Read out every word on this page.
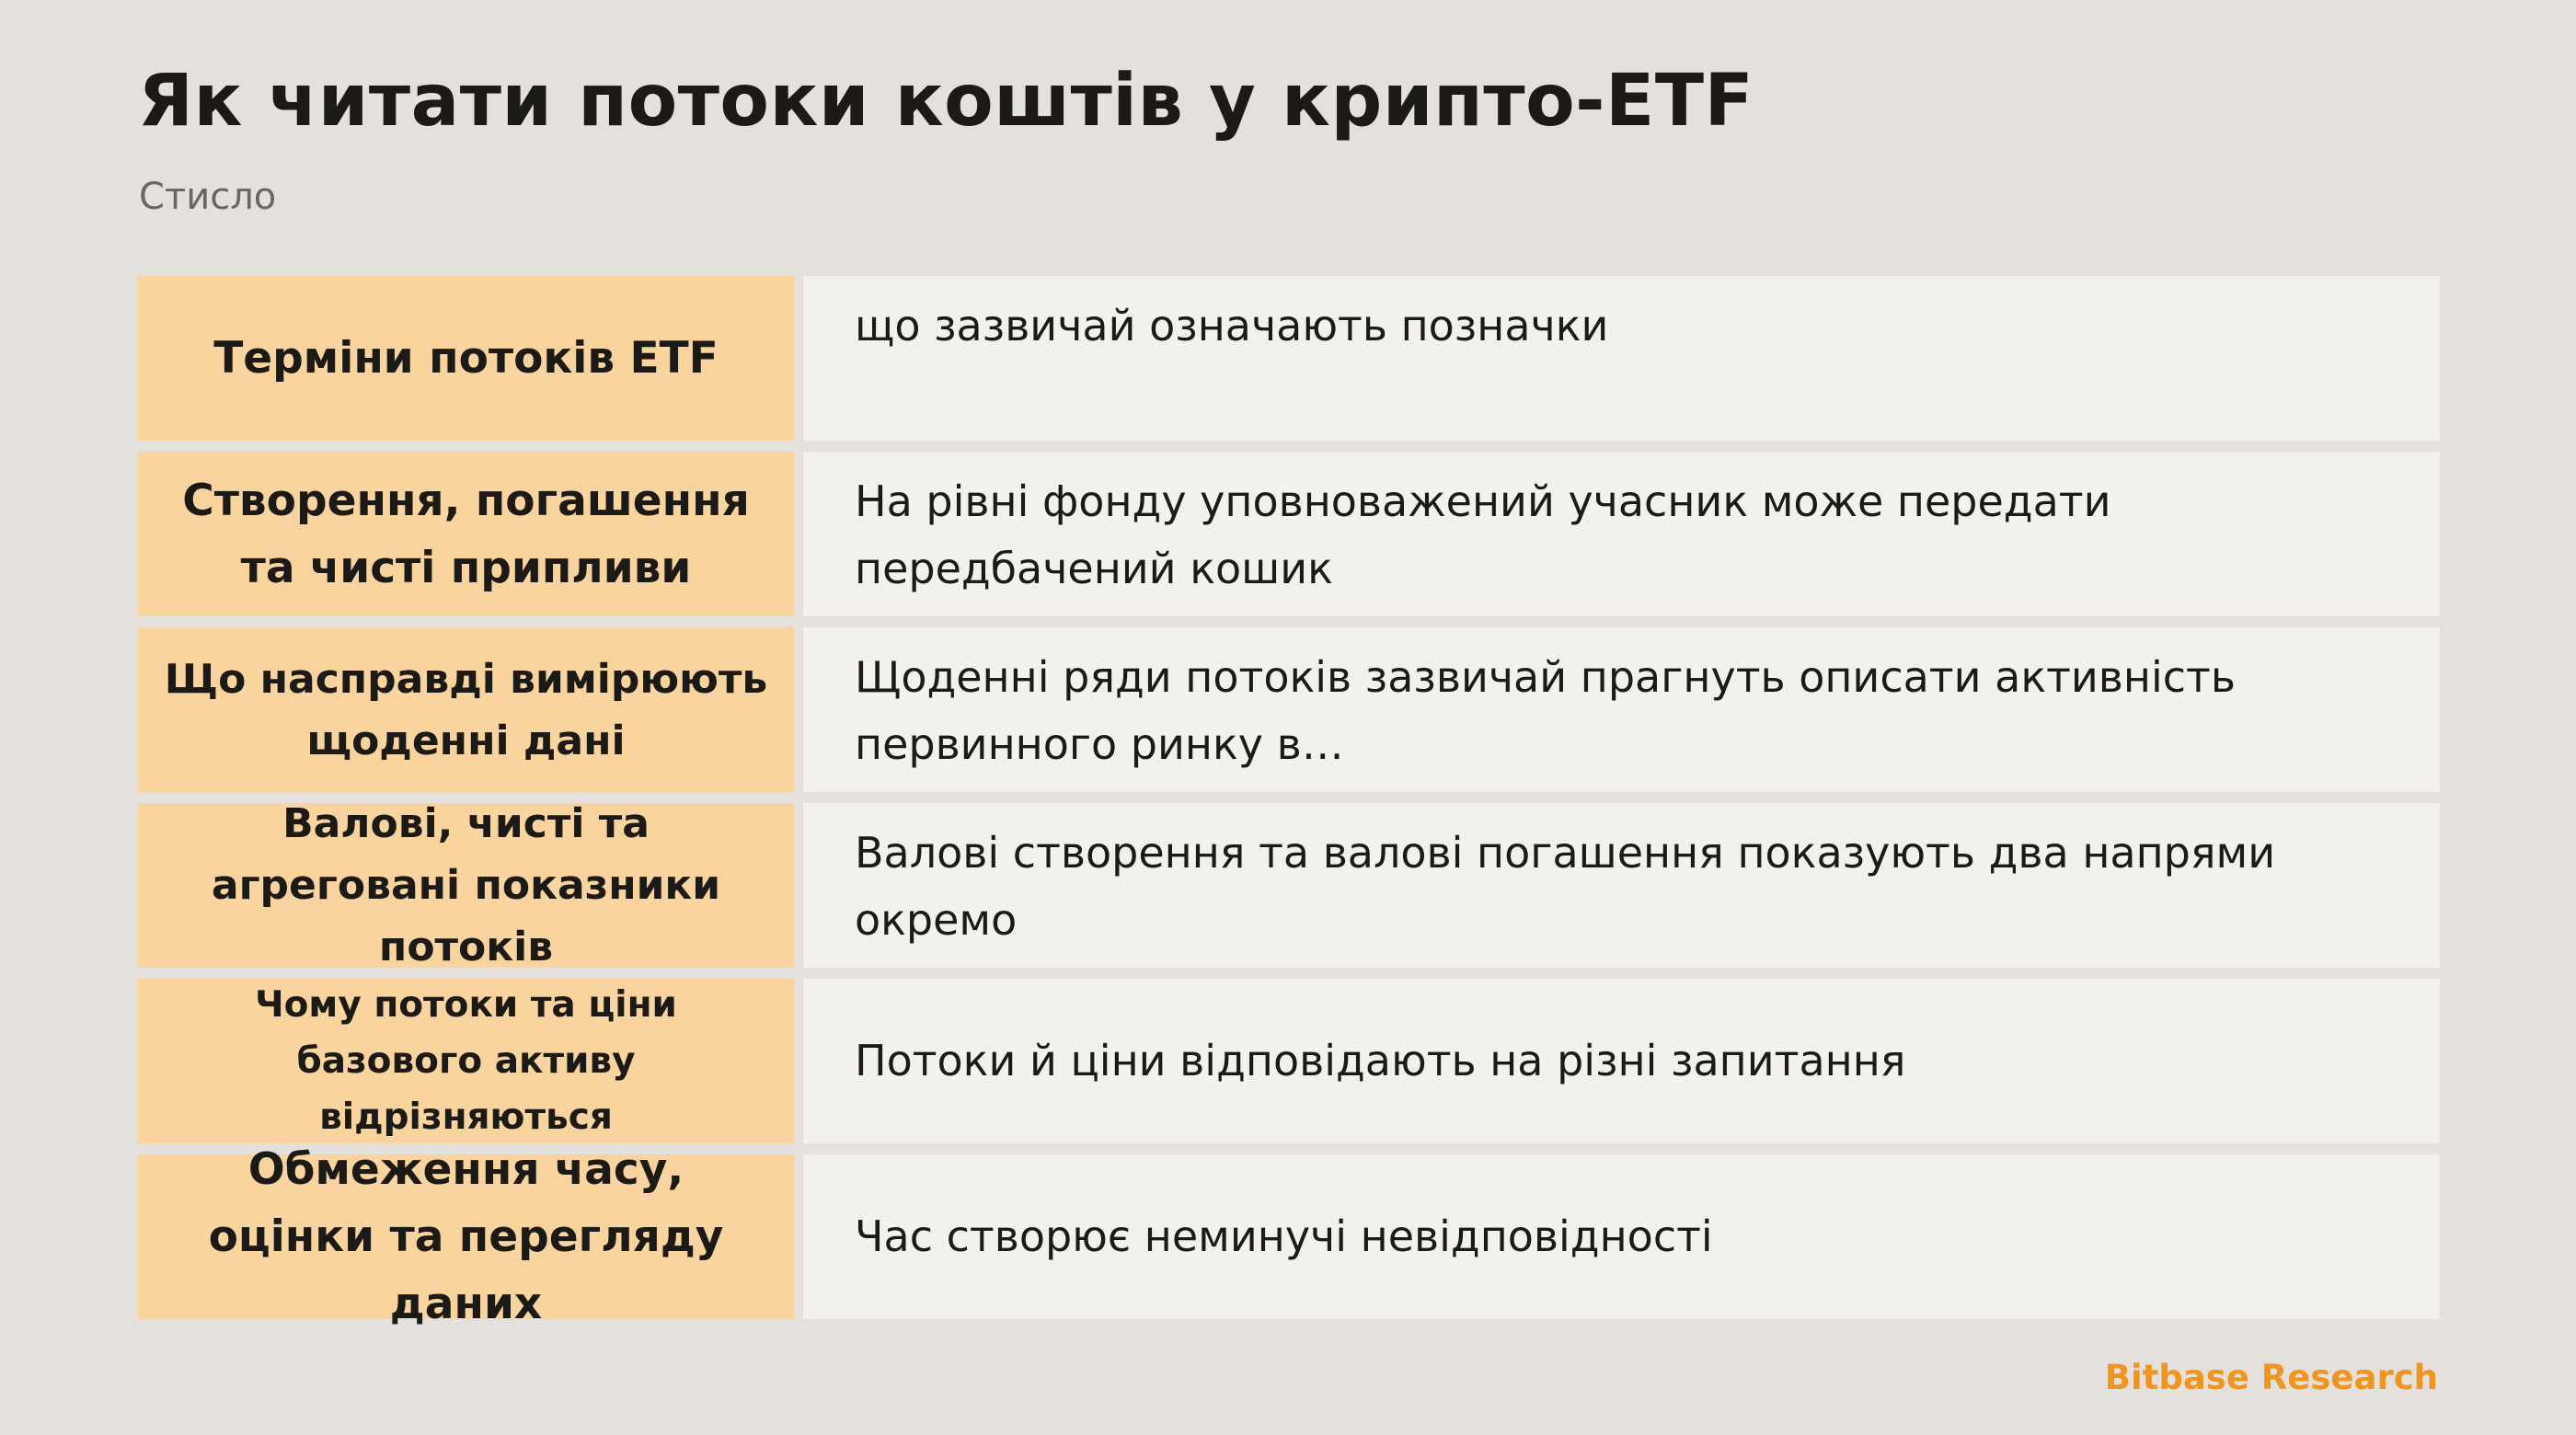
Як читати потоки коштів у крипто-ETF
Стисло
Терміни потоків ETF
що зазвичай означають позначки
Створення, погашення та чисті припливи
На рівні фонду уповноважений учасник може передати передбачений кошик
Що насправді вимірюють щоденні дані
Щоденні ряди потоків зазвичай прагнуть описати активність первинного ринку в…
Валові, чисті та агреговані показники потоків
Валові створення та валові погашення показують два напрями окремо
Чому потоки та ціни базового активу відрізняються
Потоки й ціни відповідають на різні запитання
Обмеження часу, оцінки та перегляду даних
Час створює неминучі невідповідності
Bitbase Research
